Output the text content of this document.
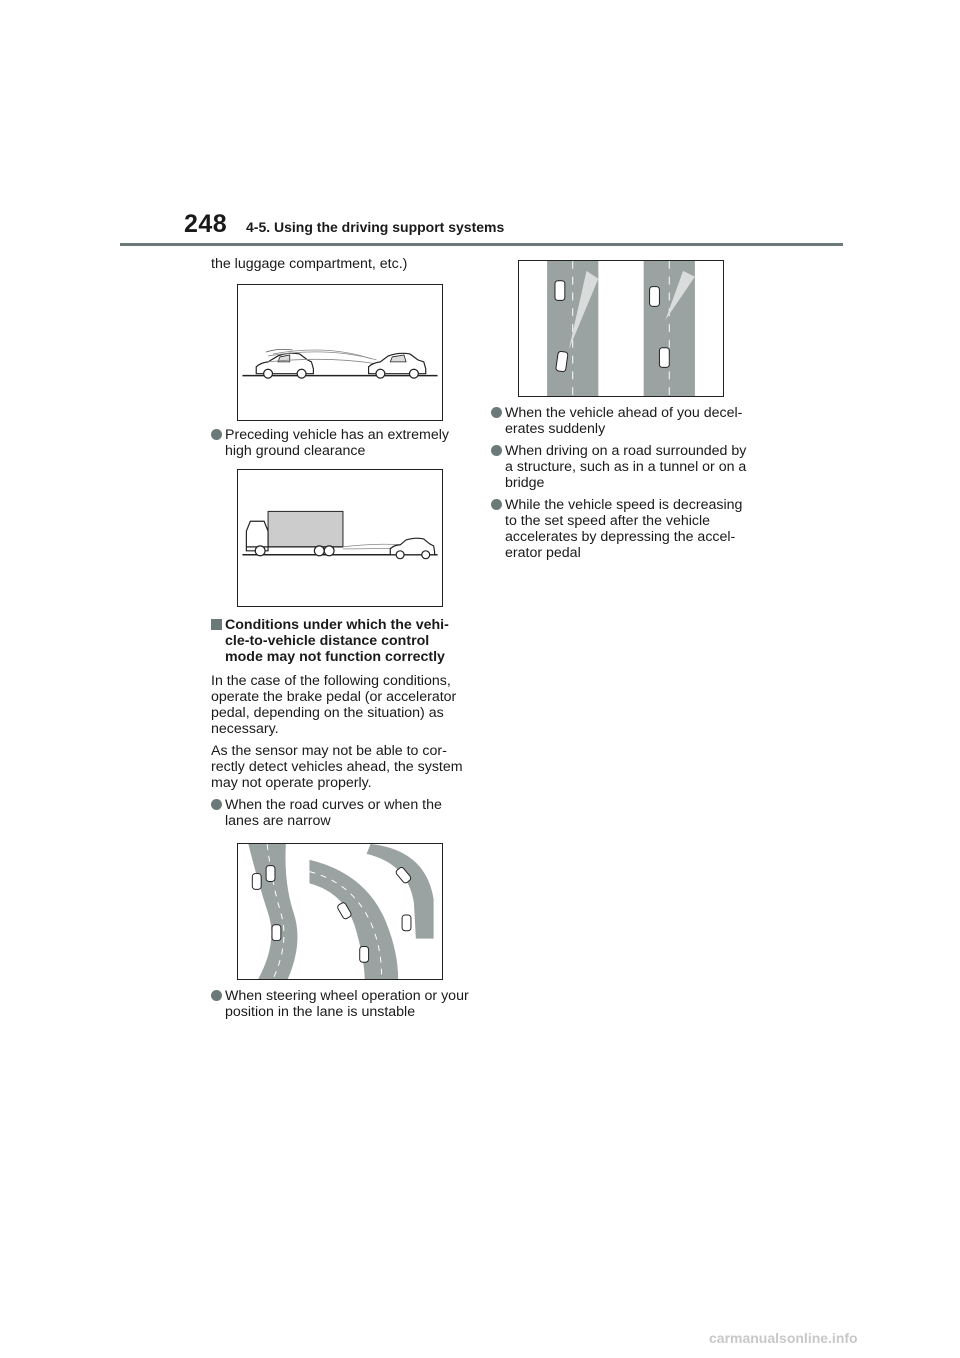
248 4-5. Using the driving support systems
the luggage compartment, etc.)
Preceding vehicle has an extremely high ground clearance
Conditions under which the vehi-cle-to-vehicle distance control mode may not function correctly
In the case of the following conditions, operate the brake pedal (or accelerator pedal, depending on the situation) as necessary.
As the sensor may not be able to cor-rectly detect vehicles ahead, the system may not operate properly.
When the road curves or when the lanes are narrow
When steering wheel operation or your position in the lane is unstable
When the vehicle ahead of you decel-erates suddenly
When driving on a road surrounded by a structure, such as in a tunnel or on a bridge
While the vehicle speed is decreasing to the set speed after the vehicle accelerates by depressing the accel-erator pedal
carmanualsonline.info
